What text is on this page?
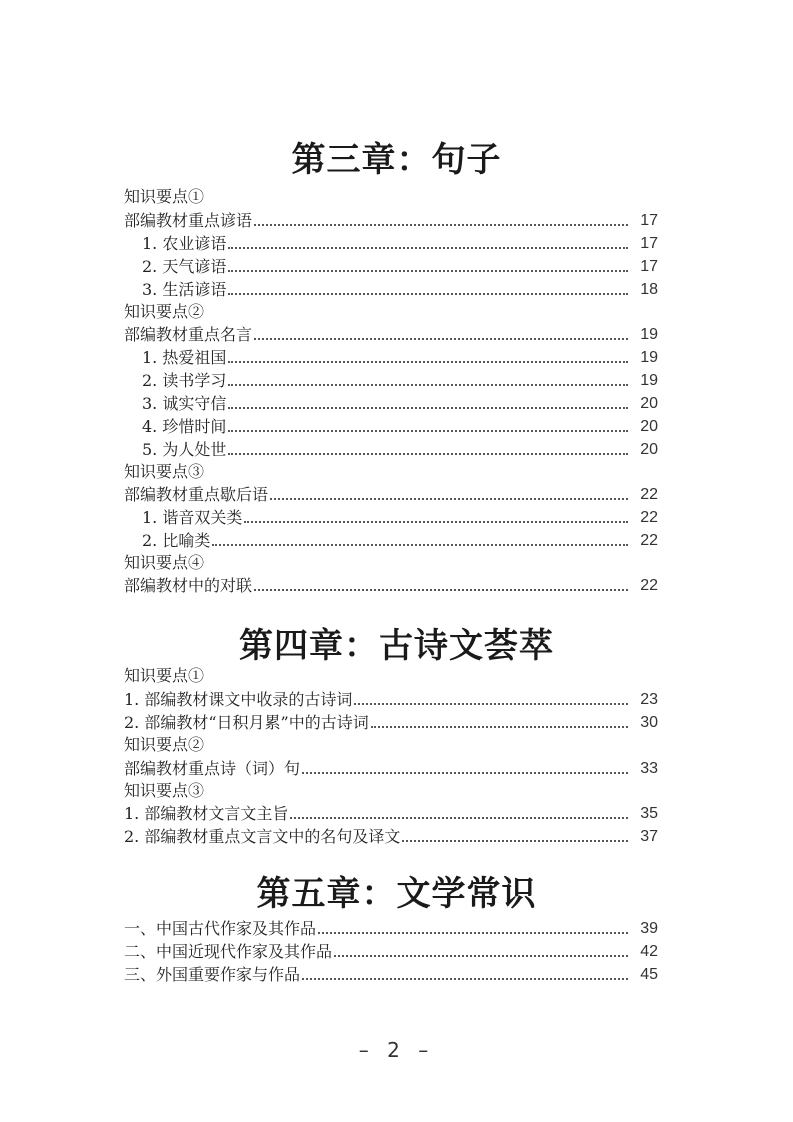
第三章：句子
知识要点①
部编教材重点谚语	17
1. 农业谚语	17
2. 天气谚语	17
3. 生活谚语	18
知识要点②
部编教材重点名言	19
1. 热爱祖国	19
2. 读书学习	19
3. 诚实守信	20
4. 珍惜时间	20
5. 为人处世	20
知识要点③
部编教材重点歇后语	22
1. 谐音双关类	22
2. 比喻类	22
知识要点④
部编教材中的对联	22
第四章：古诗文荟萃
知识要点①
1. 部编教材课文中收录的古诗词	23
2. 部编教材“日积月累”中的古诗词	30
知识要点②
部编教材重点诗（词）句	33
知识要点③
1. 部编教材文言文主旨	35
2. 部编教材重点文言文中的名句及译文	37
第五章：文学常识
一、中国古代作家及其作品	39
二、中国近现代作家及其作品	42
三、外国重要作家与作品	45
– 2 –
